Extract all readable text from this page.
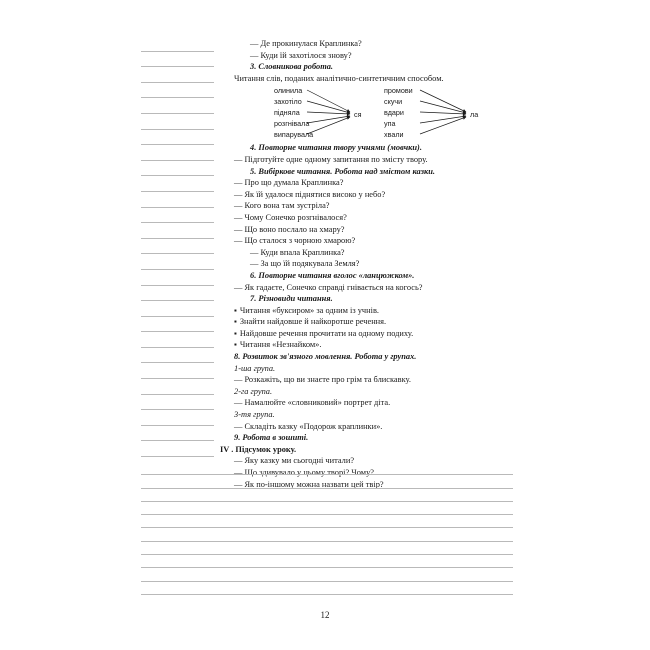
— Де прокинулася Краплинка?
— Куди їй захотілося знову?
3. Словникова робота.
Читання слів, поданих аналітично-синтетичним способом.
олинила
захотіло
підняла
розгнівала
випарувала
ся
промови
скучи
вдари
упа
хвали
ла
4. Повторне читання твору учнями (мовчки).
— Підготуйте одне одному запитання по змісту твору.
5. Вибіркове читання. Робота над змістом казки.
— Про що думала Краплинка?
— Як їй удалося піднятися високо у небо?
— Кого вона там зустріла?
— Чому Сонечко розгнівалося?
— Що воно послало на хмару?
— Що сталося з чорною хмарою?
— Куди впала Краплинка?
— За що їй подякувала Земля?
6. Повторне читання вголос «ланцюжком».
— Як гадаєте, Сонечко справді гнівається на когось?
7. Різновиди читання.
▪ Читання «буксиром» за одним із учнів.
▪ Знайти найдовше й найкоротше речення.
▪ Найдовше речення прочитати на одному подиху.
▪ Читання «Незнайком».
8. Розвиток зв'язного мовлення. Робота у групах.
1-ша група.
— Розкажіть, що ви знаєте про грім та блискавку.
2-га група.
— Намалюйте «словниковий» портрет діта.
3-тя група.
— Складіть казку «Подорож краплинки».
9. Робота в зошиті.
IV . Підсумок уроку.
— Яку казку ми сьогодні читали?
— Що здивувало у цьому творі? Чому?
— Як по-іншому можна назвати цей твір?
12
